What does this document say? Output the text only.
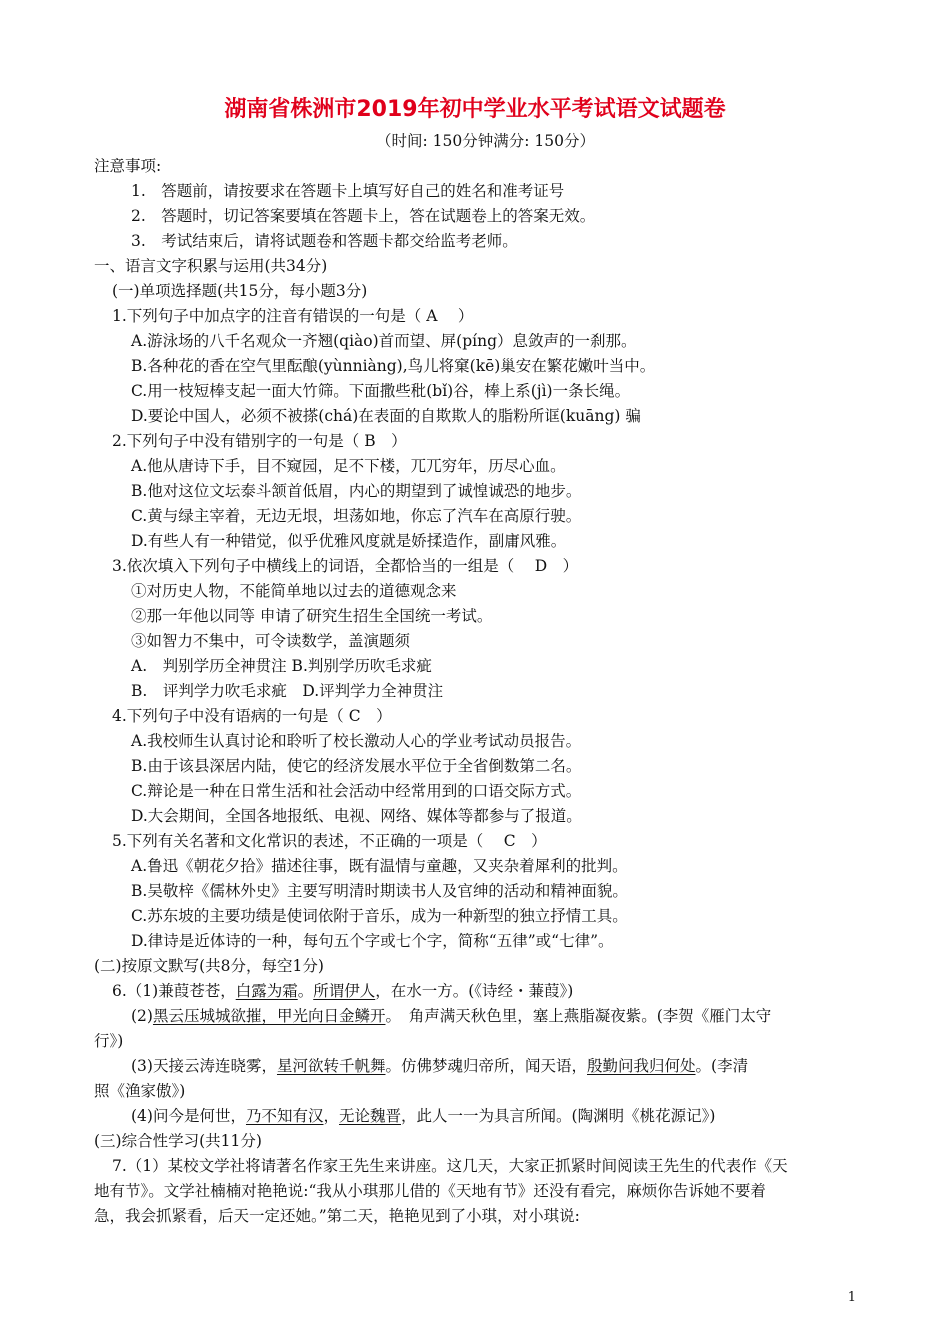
湖南省株洲市2019年初中学业水平考试语文试题卷
（时间: 150分钟满分: 150分）
注意事项:
1.　答题前，请按要求在答题卡上填写好自己的姓名和准考证号
2.　答题时，切记答案要填在答题卡上，答在试题卷上的答案无效。
3.　考试结束后，请将试题卷和答题卡都交给监考老师。
一、语言文字积累与运用(共34分)
(一)单项选择题(共15分，每小题3分)
1.下列句子中加点字的注音有错误的一句是（ A　 ）
A.游泳场的八千名观众一齐翘(qiào)首而望、屏(píng）息敛声的一刹那。
B.各种花的香在空气里酝酿(yùnniàng),鸟儿将窠(kē)巢安在繁花嫩叶当中。
C.用一枝短棒支起一面大竹筛。下面撒些秕(bǐ)谷，棒上系(jì)一条长绳。
D.要论中国人，必须不被搽(chá)在表面的自欺欺人的脂粉所诓(kuāng) 骗
2.下列句子中没有错别字的一句是（ B　）
A.他从唐诗下手，目不窥园，足不下楼，兀兀穷年，历尽心血。
B.他对这位文坛泰斗颔首低眉，内心的期望到了诚惶诚恐的地步。
C.黄与绿主宰着，无边无垠，坦荡如地，你忘了汽车在高原行驶。
D.有些人有一种错觉，似乎优雅风度就是娇揉造作，副庸风雅。
3.依次填入下列句子中横线上的词语，全都恰当的一组是（　 D　）
①对历史人物，不能简单地以过去的道德观念来
②那一年他以同等 申请了研究生招生全国统一考试。
③如智力不集中，可令读数学，盖演题须
A.　判别学历全神贯注 B.判别学历吹毛求疵
B.　评判学力吹毛求疵　D.评判学力全神贯注
4.下列句子中没有语病的一句是（ C　）
A.我校师生认真讨论和聆听了校长激动人心的学业考试动员报告。
B.由于该县深居内陆，使它的经济发展水平位于全省倒数第二名。
C.辩论是一种在日常生活和社会活动中经常用到的口语交际方式。
D.大会期间，全国各地报纸、电视、网络、媒体等都参与了报道。
5.下列有关名著和文化常识的表述，不正确的一项是（　 C　）
A.鲁迅《朝花夕拾》描述往事，既有温情与童趣，又夹杂着犀利的批判。
B.吴敬梓《儒林外史》主要写明清时期读书人及官绅的活动和精神面貌。
C.苏东坡的主要功绩是使词依附于音乐，成为一种新型的独立抒情工具。
D.律诗是近体诗的一种，每句五个字或七个字，简称“五律”或“七律”。
(二)按原文默写(共8分，每空1分)
6.（1)兼葭苍苍，白露为霜。所谓伊人，在水一方。(《诗经・蒹葭》)
(2)黑云压城城欲摧，甲光向日金鳞开。　角声满天秋色里，塞上燕脂凝夜紫。(李贺《雁门太守
行》)
(3)天接云涛连晓雾，星河欲转千帆舞。仿佛梦魂归帝所，闻天语，殷勤问我归何处。(李清
照《渔家傲》)
(4)问今是何世，乃不知有汉，无论魏晋，此人一一为具言所闻。(陶渊明《桃花源记》)
(三)综合性学习(共11分)
7.（1）某校文学社将请著名作家王先生来讲座。这几天，大家正抓紧时间阅读王先生的代表作《天
地有节》。文学社楠楠对艳艳说:“我从小琪那儿借的《天地有节》还没有看完，麻烦你告诉她不要着
急，我会抓紧看，后天一定还她。”第二天，艳艳见到了小琪，对小琪说:
1
